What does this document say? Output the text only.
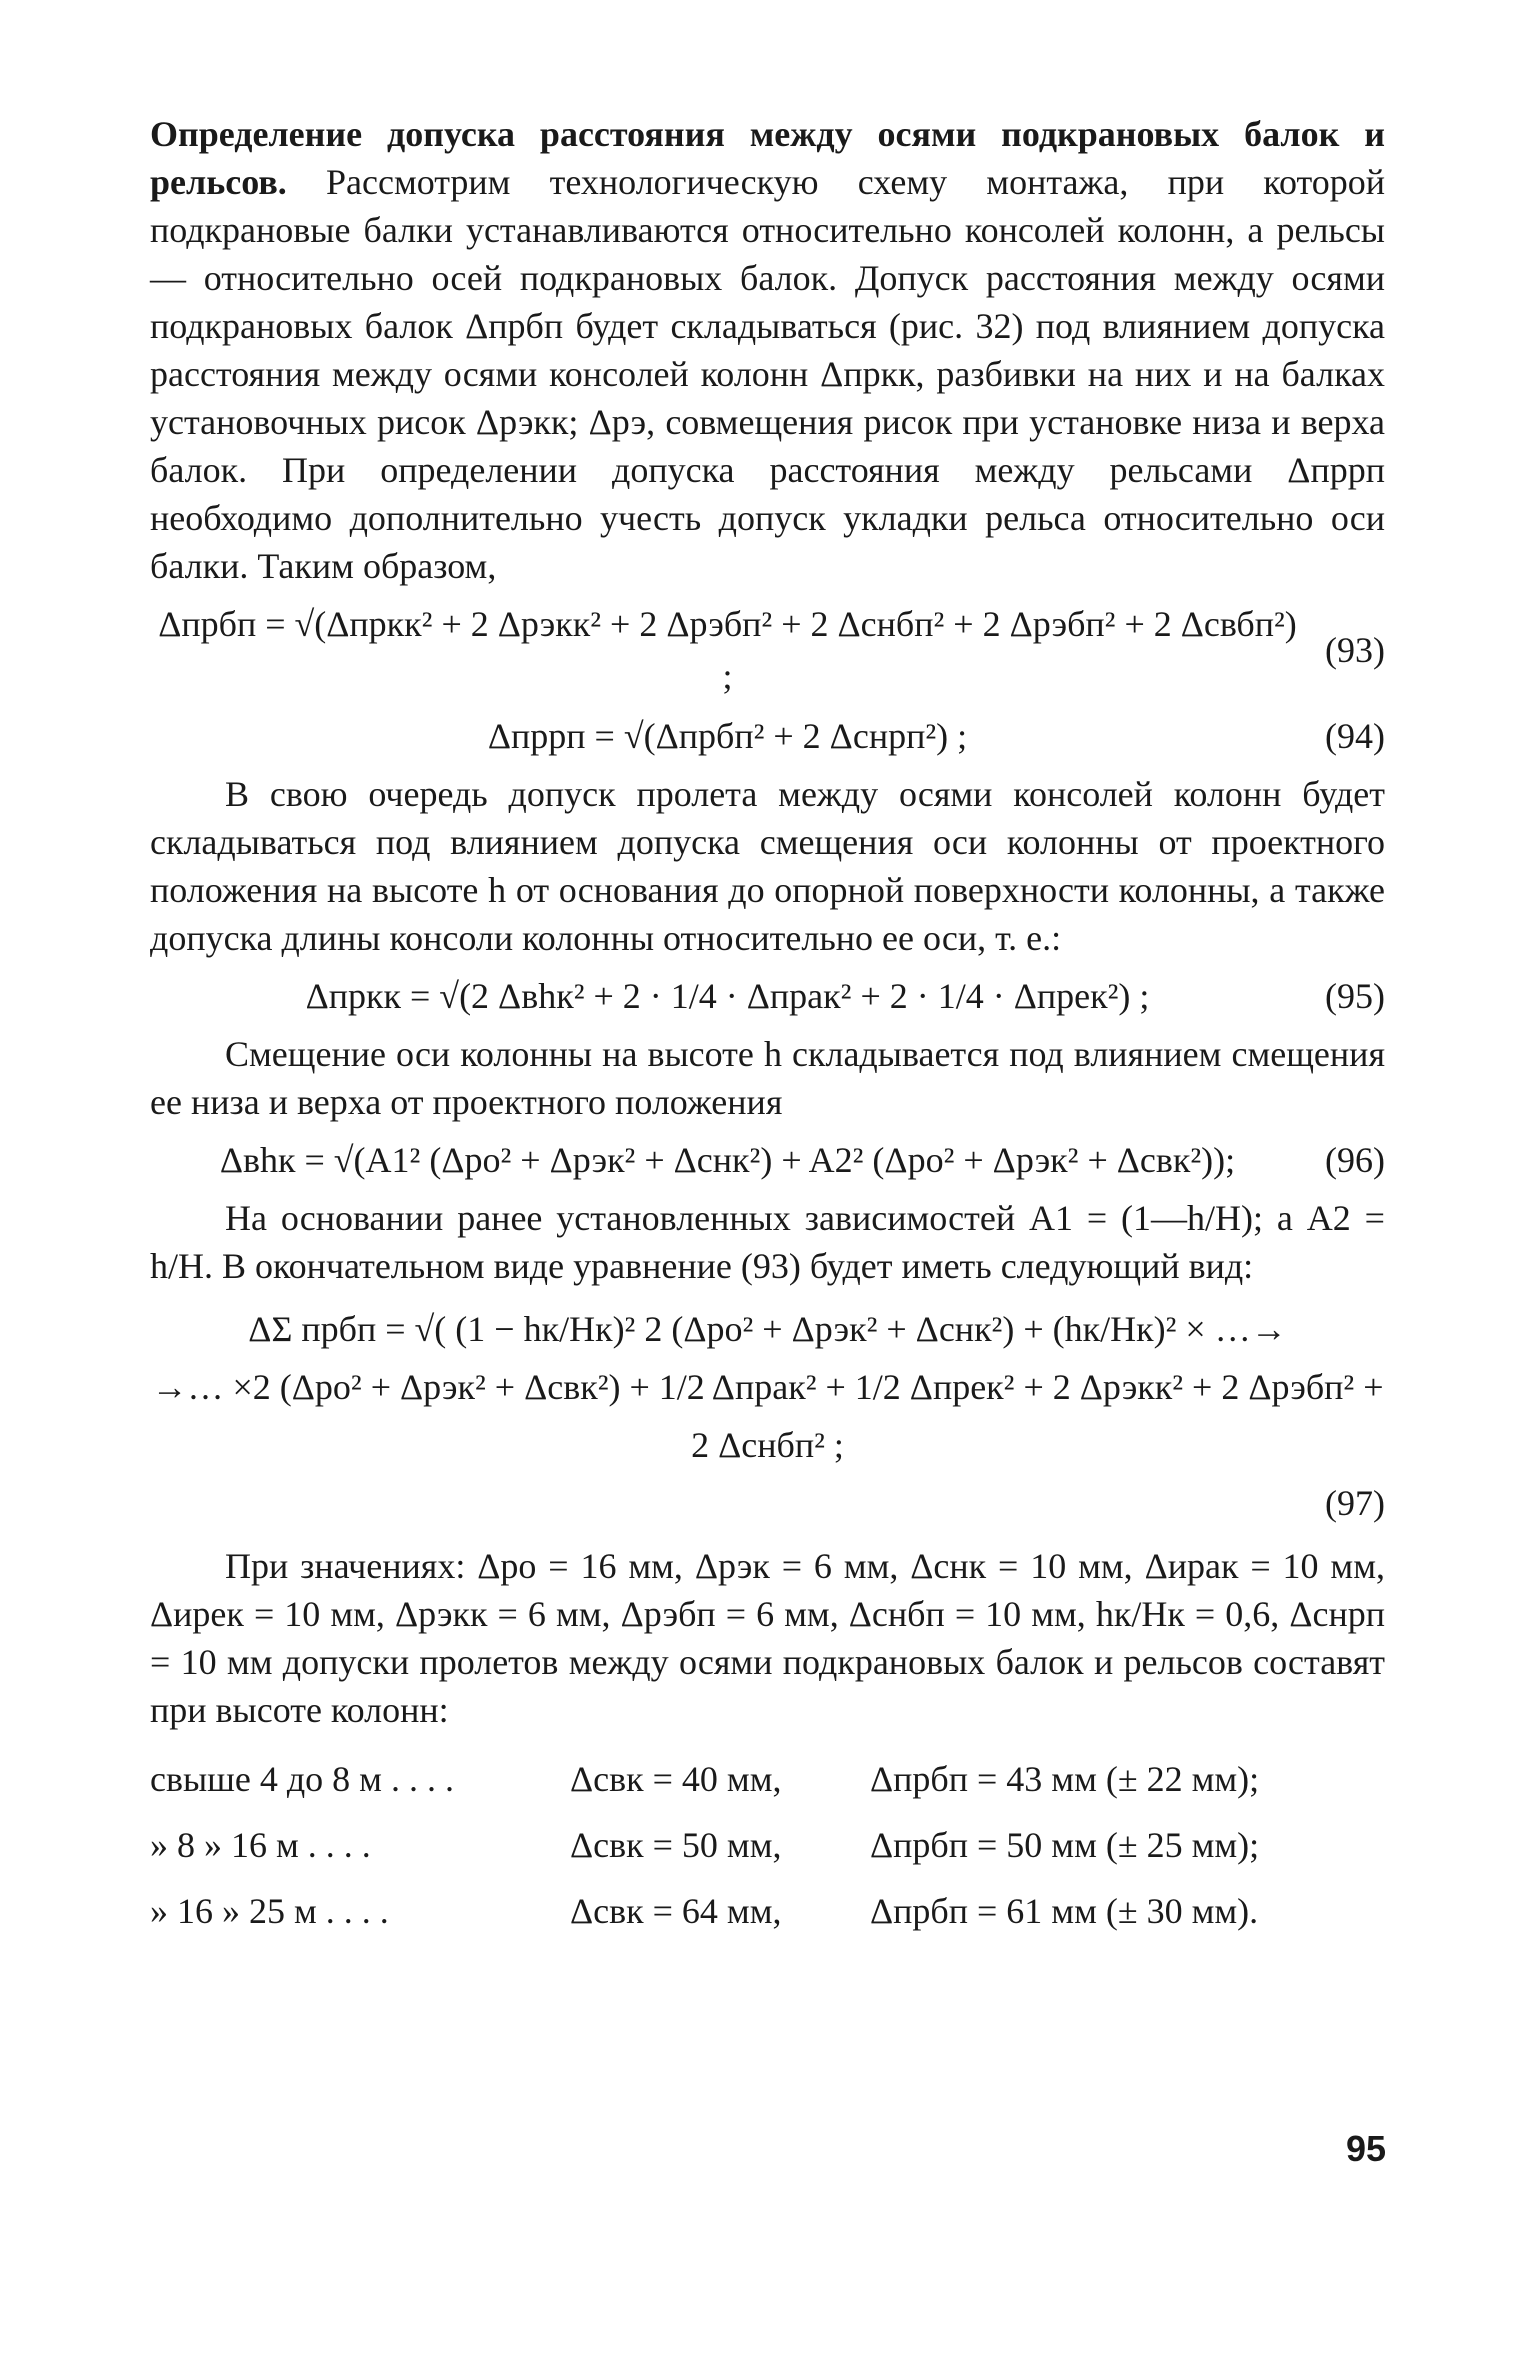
Определение допуска расстояния между осями подкрановых балок и рельсов. Рассмотрим технологическую схему монтажа, при которой подкрановые балки устанавливаются относительно консолей колонн, а рельсы — относительно осей подкрановых балок. Допуск расстояния между осями подкрановых балок Δпрбп будет складываться (рис. 32) под влиянием допуска расстояния между осями консолей колонн Δпркк, разбивки на них и на балках установочных рисок Δрэкк; Δрэ, совмещения рисок при установке низа и верха балок. При определении допуска расстояния между рельсами Δпррп необходимо дополнительно учесть допуск укладки рельса относительно оси балки. Таким образом,

Δпрбп = √(Δпркк² + 2 Δрэкк² + 2 Δрэбп² + 2 Δснбп² + 2 Δрэбп² + 2 Δсвбп²) ;
(93)
Δпррп = √(Δпрбп² + 2 Δснрп²) ;	(94)

В свою очередь допуск пролета между осями консолей колонн будет складываться под влиянием допуска смещения оси колонны от проектного положения на высоте h от основания до опорной поверхности колонны, а также допуска длины консоли колонны относительно ее оси, т. е.:

Δпркк = √(2 Δвhк² + 2 · 1/4 · Δпрак² + 2 · 1/4 · Δпрек²) ;	(95)

Смещение оси колонны на высоте h складывается под влиянием смещения ее низа и верха от проектного положения

Δвhк = √(A1² (Δро² + Δрэк² + Δснк²) + A2² (Δро² + Δрэк² + Δсвк²));	(96)

На основании ранее установленных зависимостей A1 = (1—h/H); а A2 = h/H. В окончательном виде уравнение (93) будет иметь следующий вид:

ΔΣ прбп = √( (1 − hк/Hк)² 2 (Δро² + Δрэк² + Δснк²) + (hк/Hк)² × …→
→… ×2 (Δро² + Δрэк² + Δсвк²) + 1/2 Δпрак² + 1/2 Δпрек² + 2 Δрэкк² + 2 Δрэбп² + 2 Δснбп² ;
(97)

При значениях: Δро = 16 мм, Δрэк = 6 мм, Δснк = 10 мм, Δирак = 10 мм, Δирек = 10 мм, Δрэкк = 6 мм, Δрэбп = 6 мм, Δснбп = 10 мм, hк/Hк = 0,6, Δснрп = 10 мм допуски пролетов между осями подкрановых балок и рельсов составят при высоте колонн:

свыше 4 до 8 м . . . .	Δсвк = 40 мм,	Δпрбп = 43 мм (± 22 мм);
» 8 » 16 м . . . .	Δсвк = 50 мм,	Δпрбп = 50 мм (± 25 мм);
» 16 » 25 м . . . .	Δсвк = 64 мм,	Δпрбп = 61 мм (± 30 мм).
95
